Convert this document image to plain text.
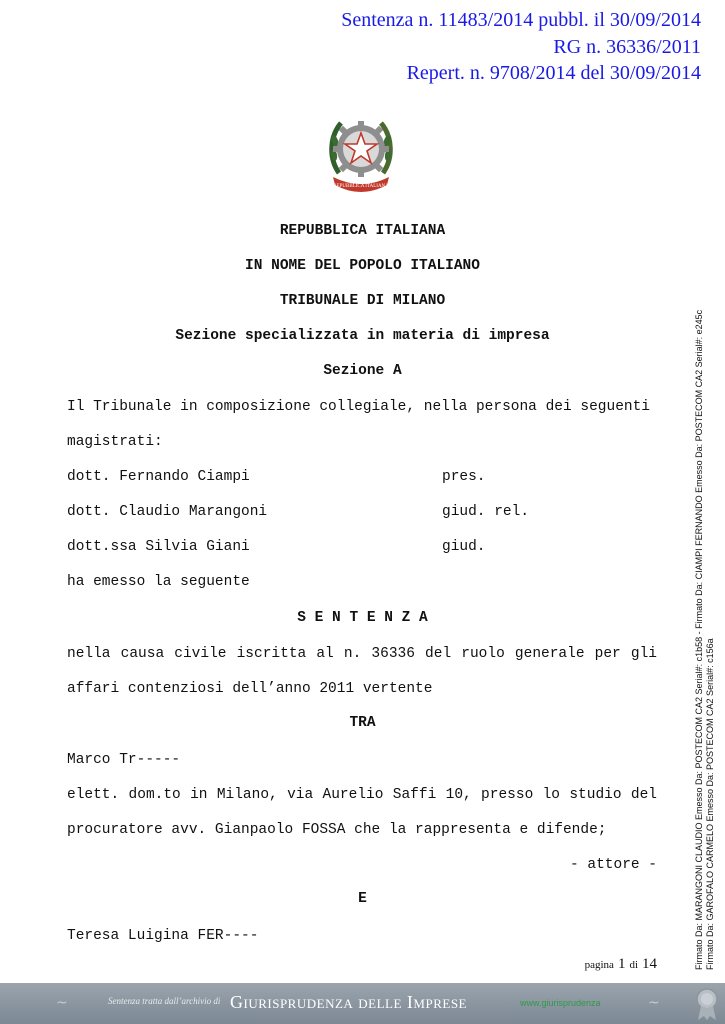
Sentenza n. 11483/2014 pubbl. il 30/09/2014
RG n. 36336/2011
Repert. n. 9708/2014 del 30/09/2014
REPUBBLICA ITALIANA
REPUBBLICA ITALIANA
IN NOME DEL POPOLO ITALIANO
TRIBUNALE DI MILANO
Sezione specializzata in materia di impresa
Sezione A
Il Tribunale in composizione collegiale, nella persona dei seguenti
magistrati:
dott. Fernando Ciampi	pres.
dott. Claudio Marangoni	giud. rel.
dott.ssa Silvia Giani	giud.
ha emesso la seguente
S E N T E N Z A
nella causa civile iscritta al n. 36336 del ruolo generale per gli
affari contenziosi dell’anno 2011 vertente
TRA
Marco Tr-----
elett. dom.to in Milano, via Aurelio Saffi 10, presso lo studio del
procuratore avv. Gianpaolo FOSSA che la rappresenta e difende;
- attore -
E
Teresa Luigina FER----
pagina 1 di 14	Firmato Da: MARANGONI CLAUDIO Emesso Da: POSTECOM CA2 Serial#: c1b58 - Firmato Da: CIAMPI FERNANDO Emesso Da: POSTECOM CA2 Serial#: e245c Firmato Da: GAROFALO CARMELO Emesso Da: POSTECOM CA2 Serial#: c156a
~	Sentenza tratta dall’archivio di Giurisprudenza delle Imprese	www.giurisprudenza	~
